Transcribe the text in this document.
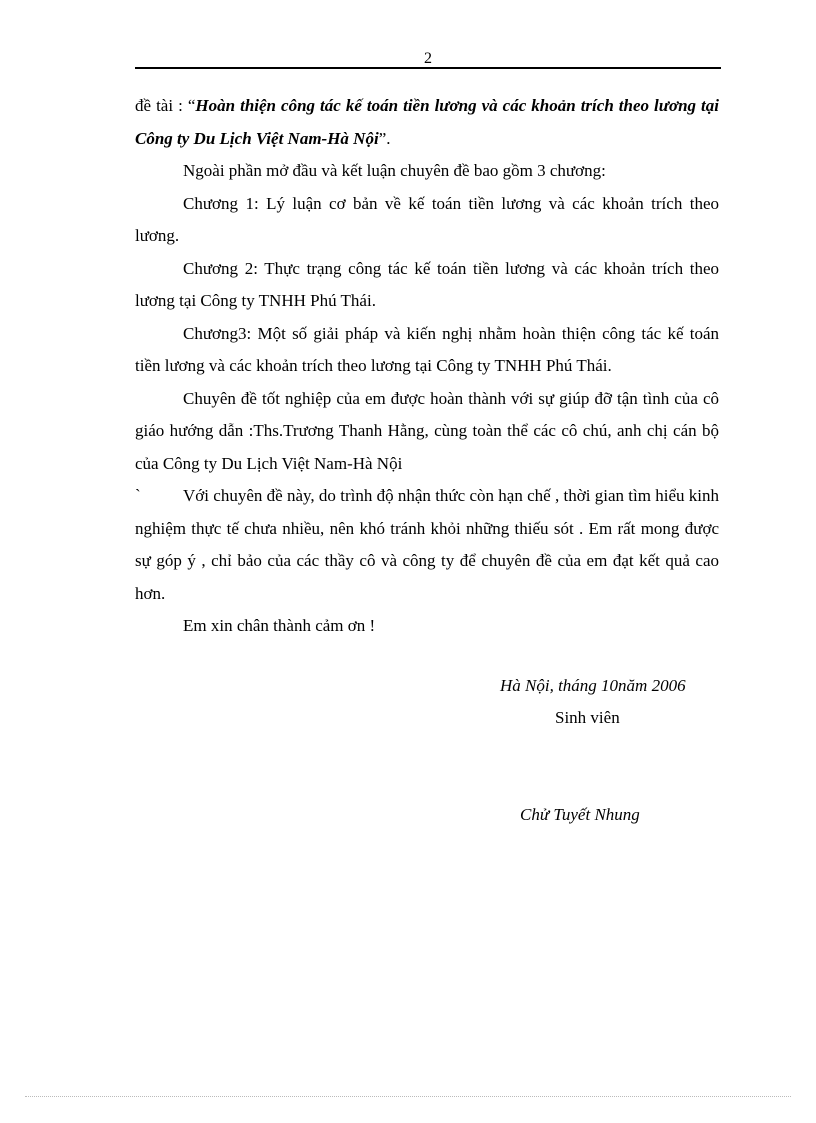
2

đề tài : “Hoàn thiện công tác kế toán tiền lương và các khoản trích theo lương tại Công ty Du Lịch Việt Nam-Hà Nội”.

Ngoài phần mở đầu và kết luận chuyên đề bao gồm 3 chương:

Chương 1: Lý luận cơ bản về kế toán tiền lương và các khoản trích theo lương.

Chương 2: Thực trạng công tác kế toán tiền lương và các khoản trích theo lương tại Công ty TNHH Phú Thái.

Chương3: Một số giải pháp và kiến nghị nhằm hoàn thiện công tác kế toán tiền lương và các khoản trích theo lương tại Công ty TNHH Phú Thái.

Chuyên đề tốt nghiệp của em được hoàn thành với sự giúp đỡ tận tình của cô giáo hướng dẫn :Ths.Trương Thanh Hằng, cùng toàn thể các cô chú, anh chị cán bộ của Công ty Du Lịch Việt Nam-Hà Nội

` Với chuyên đề này, do trình độ nhận thức còn hạn chế , thời gian tìm hiểu kinh nghiệm thực tế chưa nhiều, nên khó tránh khỏi những thiếu sót . Em rất mong được sự góp ý , chỉ bảo của các thầy cô và công ty để chuyên đề của em đạt kết quả cao hơn.

Em xin chân thành cảm ơn !

Hà Nội, tháng 10năm 2006
Sinh viên
Chử Tuyết Nhung
